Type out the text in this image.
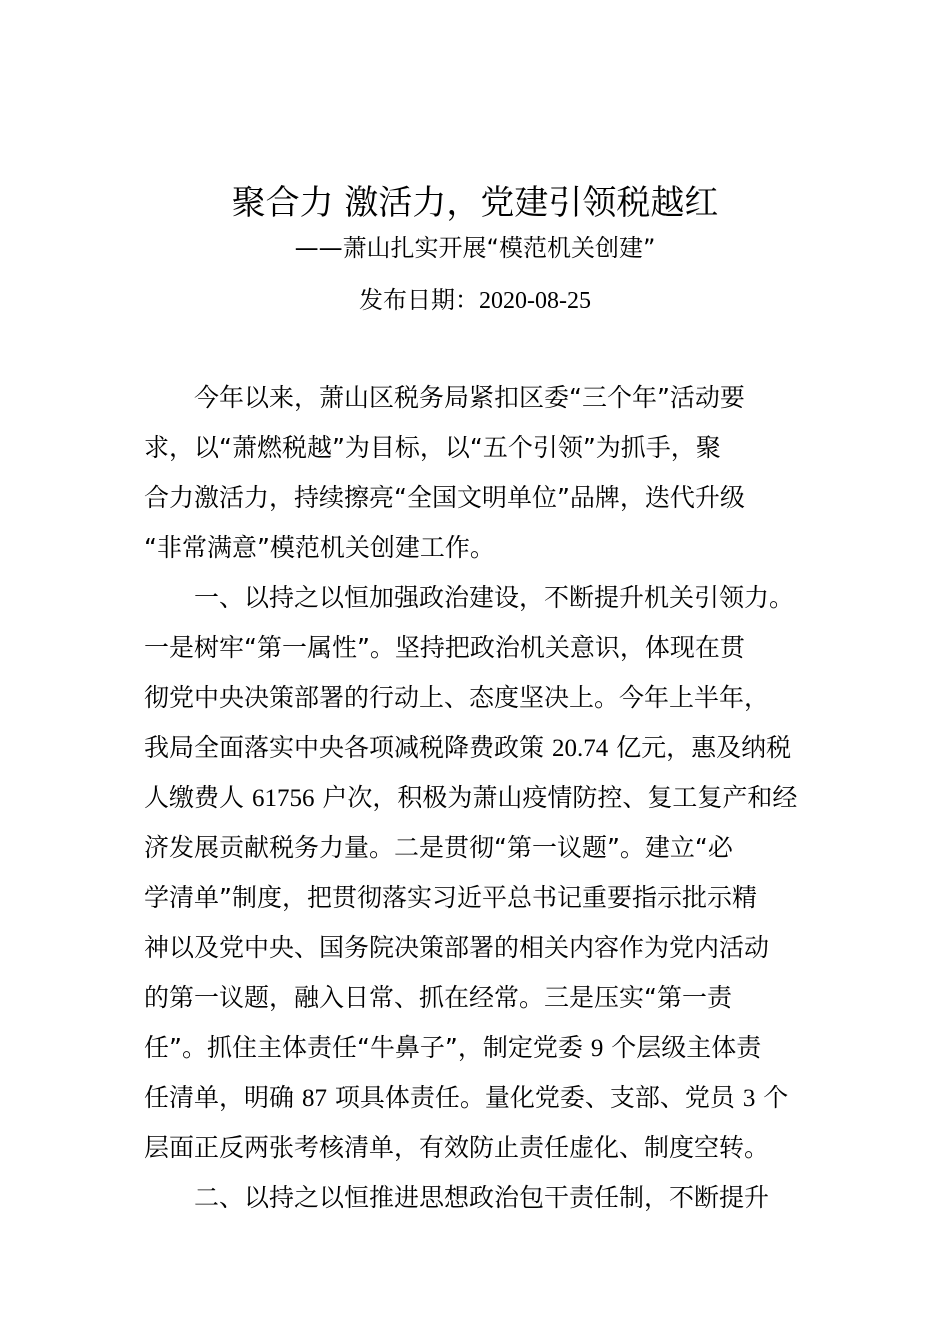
聚合力 激活力，党建引领税越红
——萧山扎实开展“模范机关创建”
发布日期：2020-08-25
今年以来，萧山区税务局紧扣区委“三个年”活动要
求，以“萧燃税越”为目标，以“五个引领”为抓手，聚
合力激活力，持续擦亮“全国文明单位”品牌，迭代升级
“非常满意”模范机关创建工作。
一、以持之以恒加强政治建设，不断提升机关引领力。
一是树牢“第一属性”。坚持把政治机关意识，体现在贯
彻党中央决策部署的行动上、态度坚决上。今年上半年，
我局全面落实中央各项减税降费政策 20.74 亿元，惠及纳税
人缴费人 61756 户次，积极为萧山疫情防控、复工复产和经
济发展贡献税务力量。二是贯彻“第一议题”。建立“必
学清单”制度，把贯彻落实习近平总书记重要指示批示精
神以及党中央、国务院决策部署的相关内容作为党内活动
的第一议题，融入日常、抓在经常。三是压实“第一责
任”。抓住主体责任“牛鼻子”，制定党委 9 个层级主体责
任清单，明确 87 项具体责任。量化党委、支部、党员 3 个
层面正反两张考核清单，有效防止责任虚化、制度空转。
二、以持之以恒推进思想政治包干责任制，不断提升
